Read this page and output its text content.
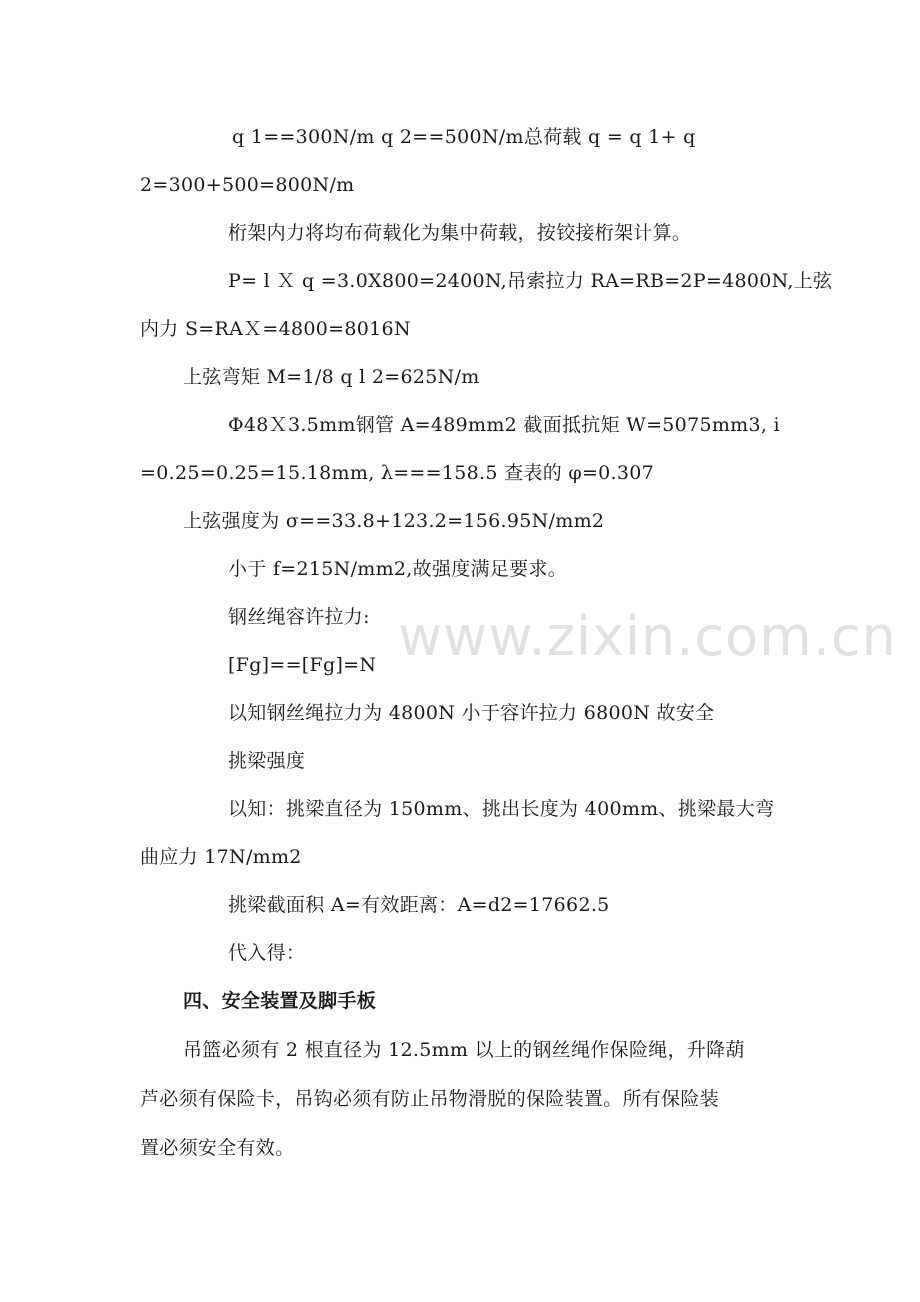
www.zixin.com.cn
q 1==300N/m q 2==500N/m总荷载 q = q 1+ q
2=300+500=800N/m
桁架内力将均布荷载化为集中荷载，按铰接桁架计算。
P= l Ｘ q =3.0X800=2400N,吊索拉力 RA=RB=2P=4800N,上弦
内力 S=RAＸ=4800=8016N
上弦弯矩 M=1/8 q l 2=625N/m
Φ48Ｘ3.5mm钢管 A=489mm2 截面抵抗矩 W=5075mm3, i
=0.25=0.25=15.18mm, λ===158.5 查表的 φ=0.307
上弦强度为 σ==33.8+123.2=156.95N/mm2
小于 f=215N/mm2,故强度满足要求。
钢丝绳容许拉力:
[Fg]==[Fg]=N
以知钢丝绳拉力为 4800N 小于容许拉力 6800N 故安全
挑梁强度
以知：挑梁直径为 150mm、挑出长度为 400mm、挑梁最大弯
曲应力 17N/mm2
挑梁截面积 A=有效距离：A=d2=17662.5
代入得：
四、安全装置及脚手板
吊篮必须有 2 根直径为 12.5mm 以上的钢丝绳作保险绳，升降葫
芦必须有保险卡，吊钩必须有防止吊物滑脱的保险装置。所有保险装
置必须安全有效。
